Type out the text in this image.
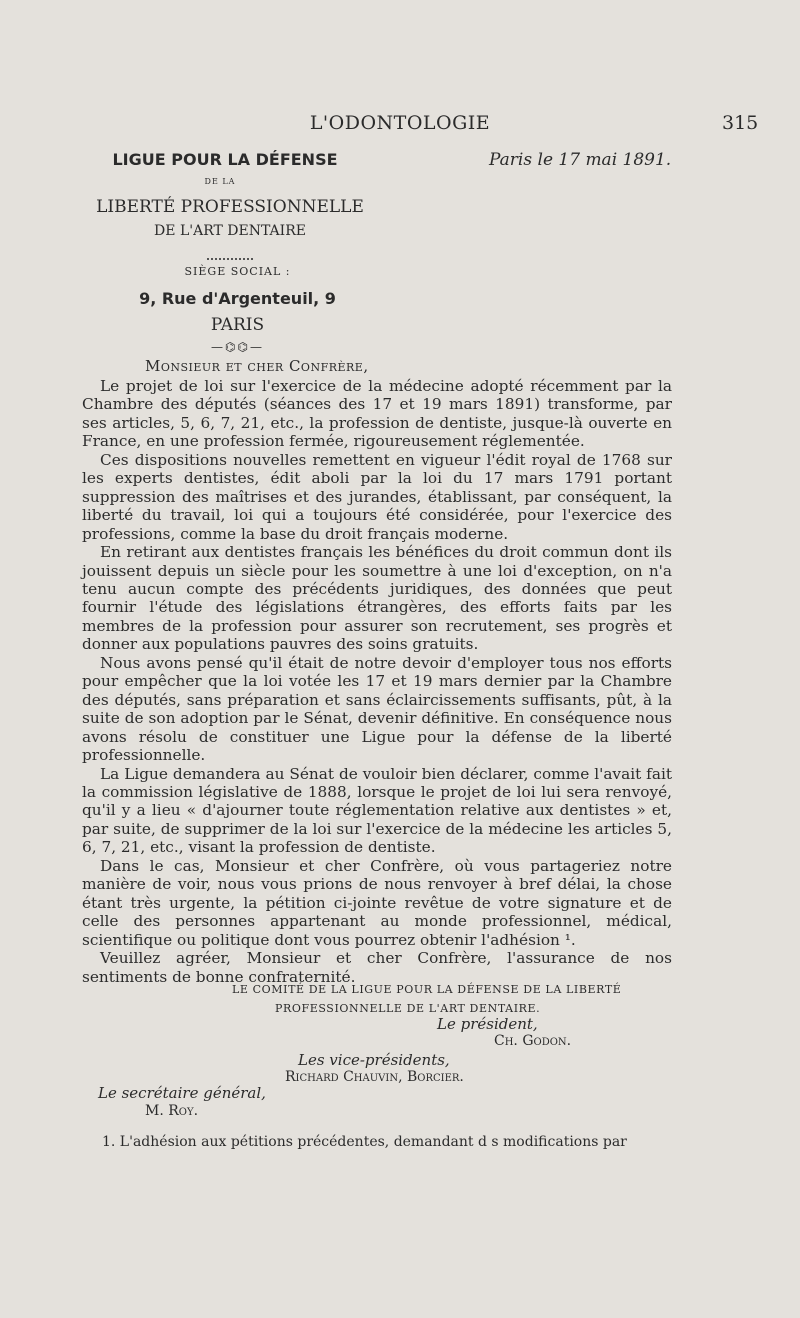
L'ODONTOLOGIE	315
LIGUE POUR LA DÉFENSE	Paris le 17 mai 1891.
DE LA
LIBERTÉ PROFESSIONNELLE
DE L'ART DENTAIRE
SIÈGE SOCIAL :
9, Rue d'Argenteuil, 9
PARIS
—⌬⌬—
Monsieur et cher Confrère,

Le projet de loi sur l'exercice de la médecine adopté récemment par la Chambre des députés (séances des 17 et 19 mars 1891) transforme, par ses articles, 5, 6, 7, 21, etc., la profession de dentiste, jusque-là ouverte en France, en une profession fermée, rigoureusement réglementée.

Ces dispositions nouvelles remettent en vigueur l'édit royal de 1768 sur les experts dentistes, édit aboli par la loi du 17 mars 1791 portant suppression des maîtrises et des jurandes, établissant, par conséquent, la liberté du travail, loi qui a toujours été considérée, pour l'exercice des professions, comme la base du droit français moderne.

En retirant aux dentistes français les bénéfices du droit commun dont ils jouissent depuis un siècle pour les soumettre à une loi d'exception, on n'a tenu aucun compte des précédents juridiques, des données que peut fournir l'étude des législations étrangères, des efforts faits par les membres de la profession pour assurer son recrutement, ses progrès et donner aux populations pauvres des soins gratuits.

Nous avons pensé qu'il était de notre devoir d'employer tous nos efforts pour empêcher que la loi votée les 17 et 19 mars dernier par la Chambre des députés, sans préparation et sans éclaircissements suffisants, pût, à la suite de son adoption par le Sénat, devenir définitive. En conséquence nous avons résolu de constituer une Ligue pour la défense de la liberté professionnelle.

La Ligue demandera au Sénat de vouloir bien déclarer, comme l'avait fait la commission législative de 1888, lorsque le projet de loi lui sera renvoyé, qu'il y a lieu « d'ajourner toute réglementation relative aux dentistes » et, par suite, de supprimer de la loi sur l'exercice de la médecine les articles 5, 6, 7, 21, etc., visant la profession de dentiste.

Dans le cas, Monsieur et cher Confrère, où vous partageriez notre manière de voir, nous vous prions de nous renvoyer à bref délai, la chose étant très urgente, la pétition ci-jointe revêtue de votre signature et de celle des personnes appartenant au monde professionnel, médical, scientifique ou politique dont vous pourrez obtenir l'adhésion ¹.

Veuillez agréer, Monsieur et cher Confrère, l'assurance de nos sentiments de bonne confraternité.

LE COMITÉ DE LA LIGUE POUR LA DÉFENSE DE LA LIBERTÉ
PROFESSIONNELLE DE L'ART DENTAIRE.
Le président,
Ch. Godon.
Les vice-présidents,
Richard Chauvin, Borcier.
Le secrétaire général,
M. Roy.
1. L'adhésion aux pétitions précédentes, demandant d s modifications par
